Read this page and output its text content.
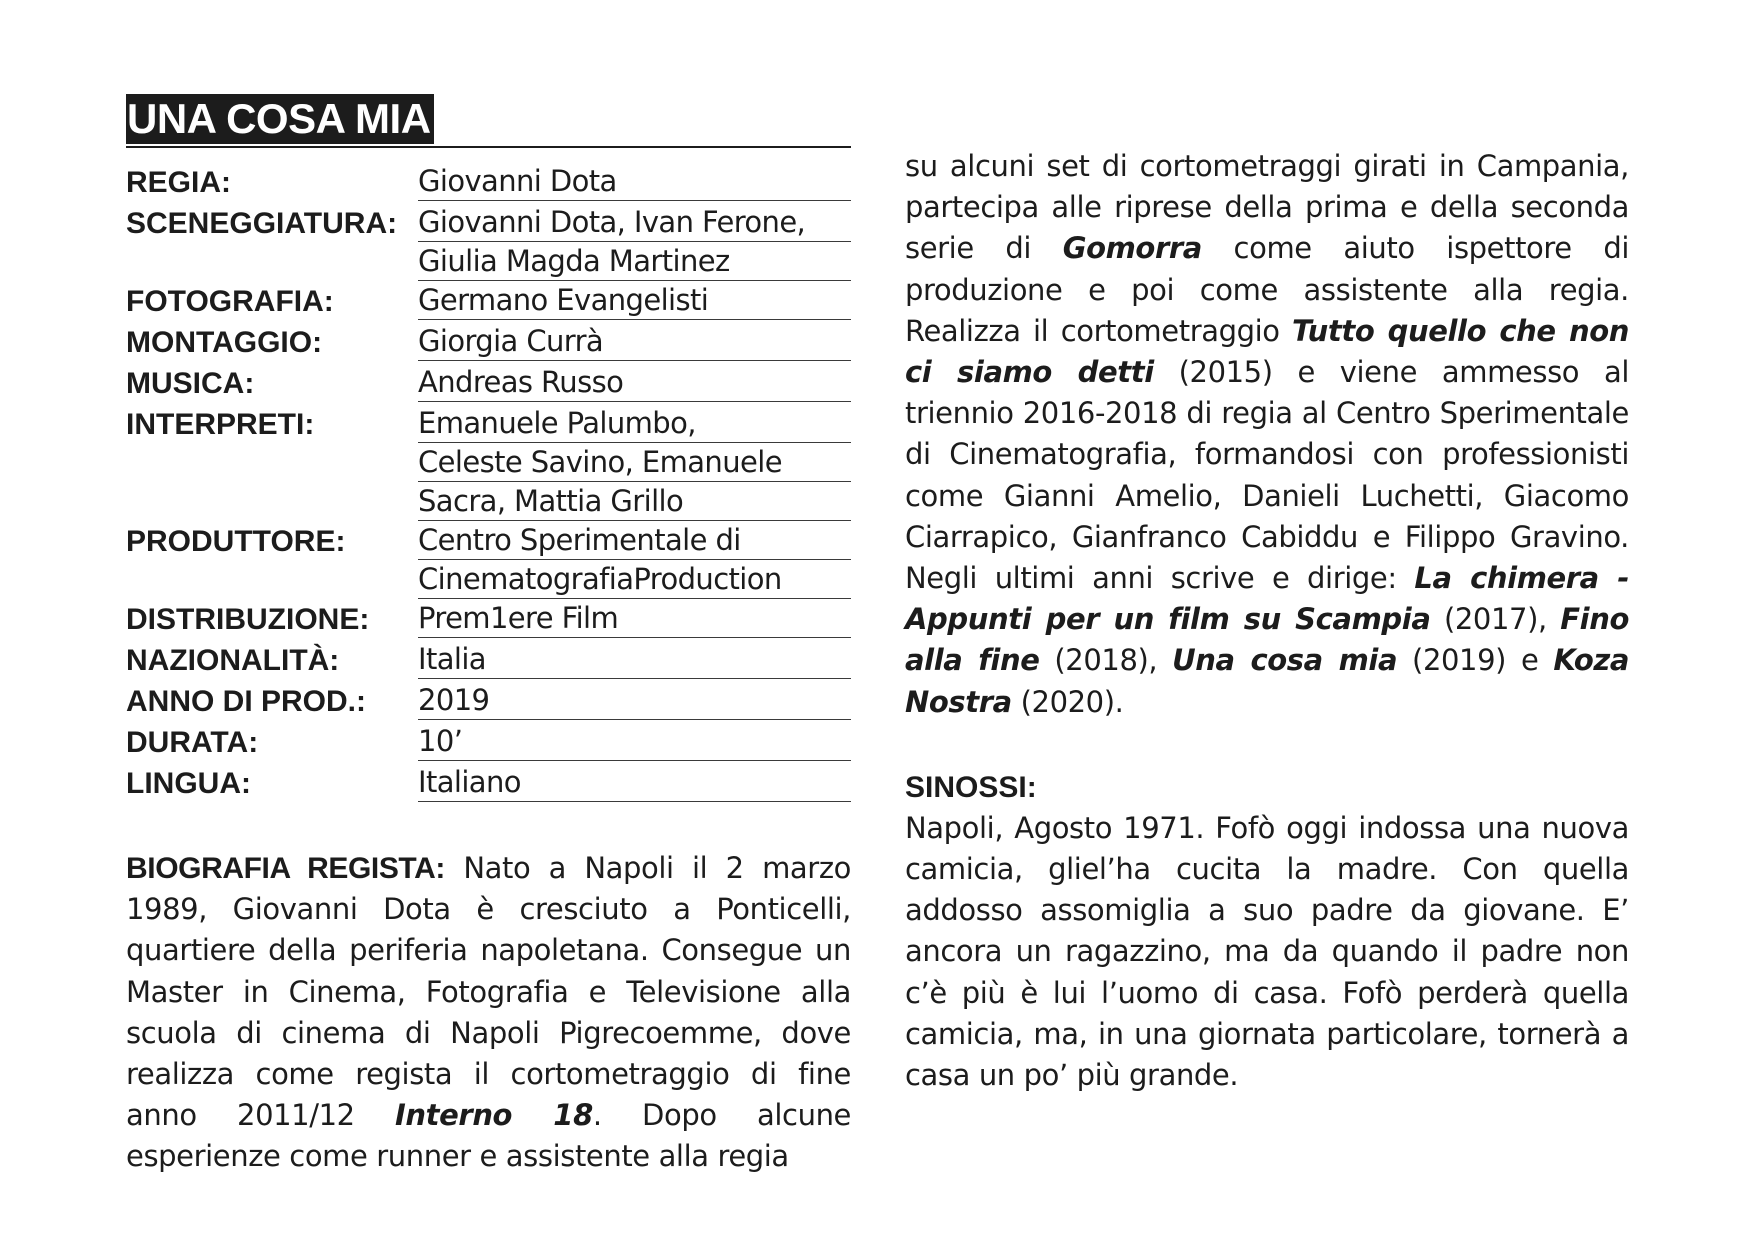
UNA COSA MIA
REGIA:	Giovanni Dota
SCENEGGIATURA: Giovanni Dota, Ivan Ferone,
Giulia Magda Martinez
FOTOGRAFIA:	Germano Evangelisti
MONTAGGIO:	Giorgia Currà
MUSICA:	Andreas Russo
INTERPRETI:	Emanuele Palumbo,
Celeste Savino, Emanuele
Sacra, Mattia Grillo
PRODUTTORE:	Centro Sperimentale di
CinematografiaProduction
DISTRIBUZIONE:	Prem1ere Film
NAZIONALITÀ:	Italia
ANNO DI PROD.:	2019
DURATA:	10’
LINGUA:	Italiano

BIOGRAFIA REGISTA: Nato a Napoli il 2 marzo 1989, Giovanni Dota è cresciuto a Ponticelli, quartiere della periferia napoletana. Consegue un Master in Cinema, Fotografia e Televisione alla scuola di cinema di Napoli Pigrecoemme, dove realizza come regista il cortometraggio di fine anno 2011/12 Interno 18. Dopo alcune esperienze come runner e assistente alla regia

su alcuni set di cortometraggi girati in Campania, partecipa alle riprese della prima e della seconda serie di Gomorra come aiuto ispettore di produzione e poi come assistente alla regia. Realizza il cortometraggio Tutto quello che non ci siamo detti (2015) e viene ammesso al triennio 2016-2018 di regia al Centro Sperimentale di Cinematografia, formandosi con professionisti come Gianni Amelio, Danieli Luchetti, Giacomo Ciarrapico, Gianfranco Cabiddu e Filippo Gravino. Negli ultimi anni scrive e dirige: La chimera - Appunti per un film su Scampia (2017), Fino alla fine (2018), Una cosa mia (2019) e Koza Nostra (2020).

SINOSSI:

Napoli, Agosto 1971. Fofò oggi indossa una nuova camicia, glielʼha cucita la madre. Con quella addosso assomiglia a suo padre da giovane. E’ ancora un ragazzino, ma da quando il padre non cʼè più è lui lʼuomo di casa. Fofò perderà quella camicia, ma, in una giornata particolare, tornerà a casa un po’ più grande.
